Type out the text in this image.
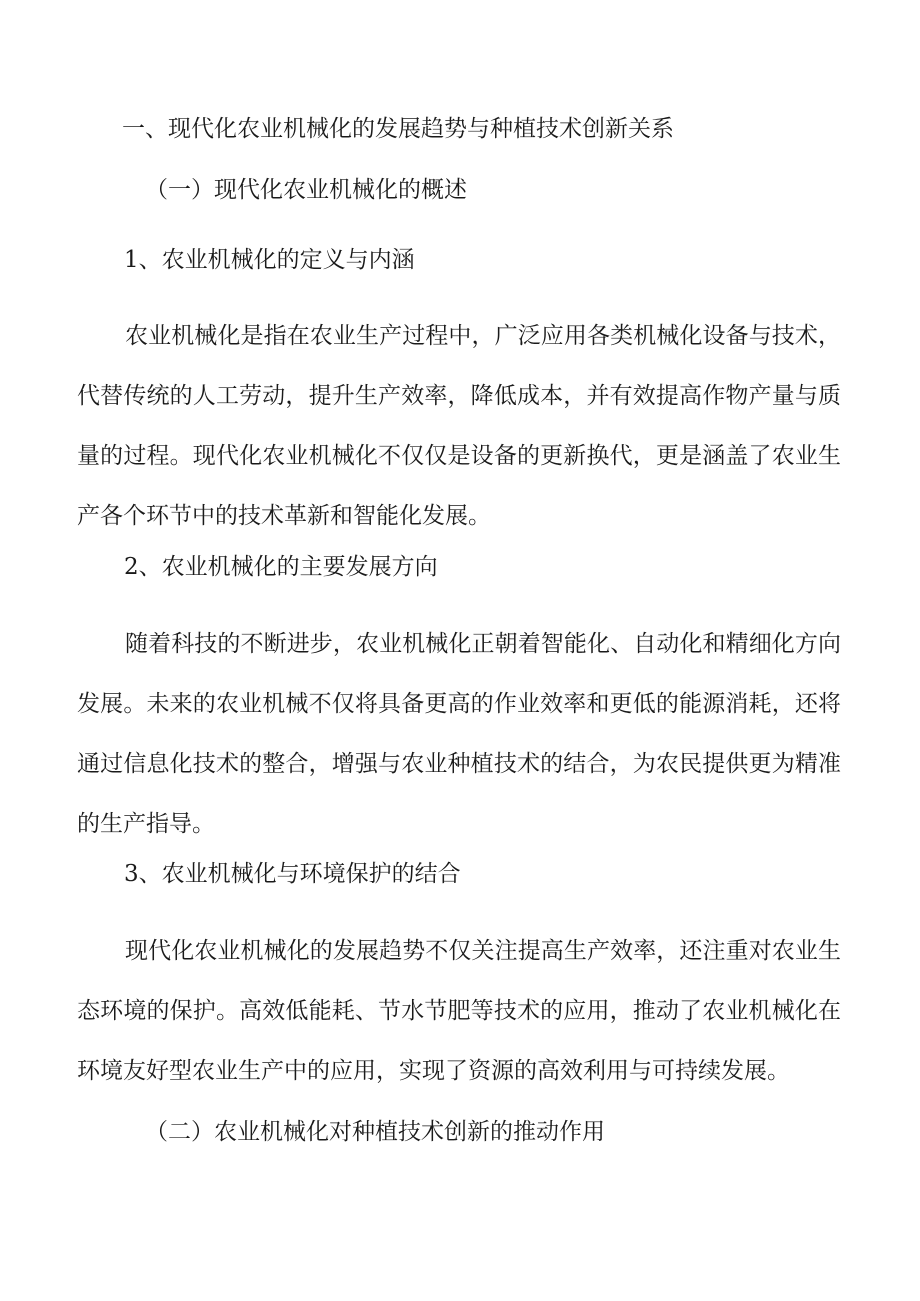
一、现代化农业机械化的发展趋势与种植技术创新关系
（一）现代化农业机械化的概述
1、农业机械化的定义与内涵

农业机械化是指在农业生产过程中，广泛应用各类机械化设备与技术，代替传统的人工劳动，提升生产效率，降低成本，并有效提高作物产量与质量的过程。现代化农业机械化不仅仅是设备的更新换代，更是涵盖了农业生产各个环节中的技术革新和智能化发展。

2、农业机械化的主要发展方向

随着科技的不断进步，农业机械化正朝着智能化、自动化和精细化方向发展。未来的农业机械不仅将具备更高的作业效率和更低的能源消耗，还将通过信息化技术的整合，增强与农业种植技术的结合，为农民提供更为精准的生产指导。

3、农业机械化与环境保护的结合

现代化农业机械化的发展趋势不仅关注提高生产效率，还注重对农业生态环境的保护。高效低能耗、节水节肥等技术的应用，推动了农业机械化在环境友好型农业生产中的应用，实现了资源的高效利用与可持续发展。

（二）农业机械化对种植技术创新的推动作用
